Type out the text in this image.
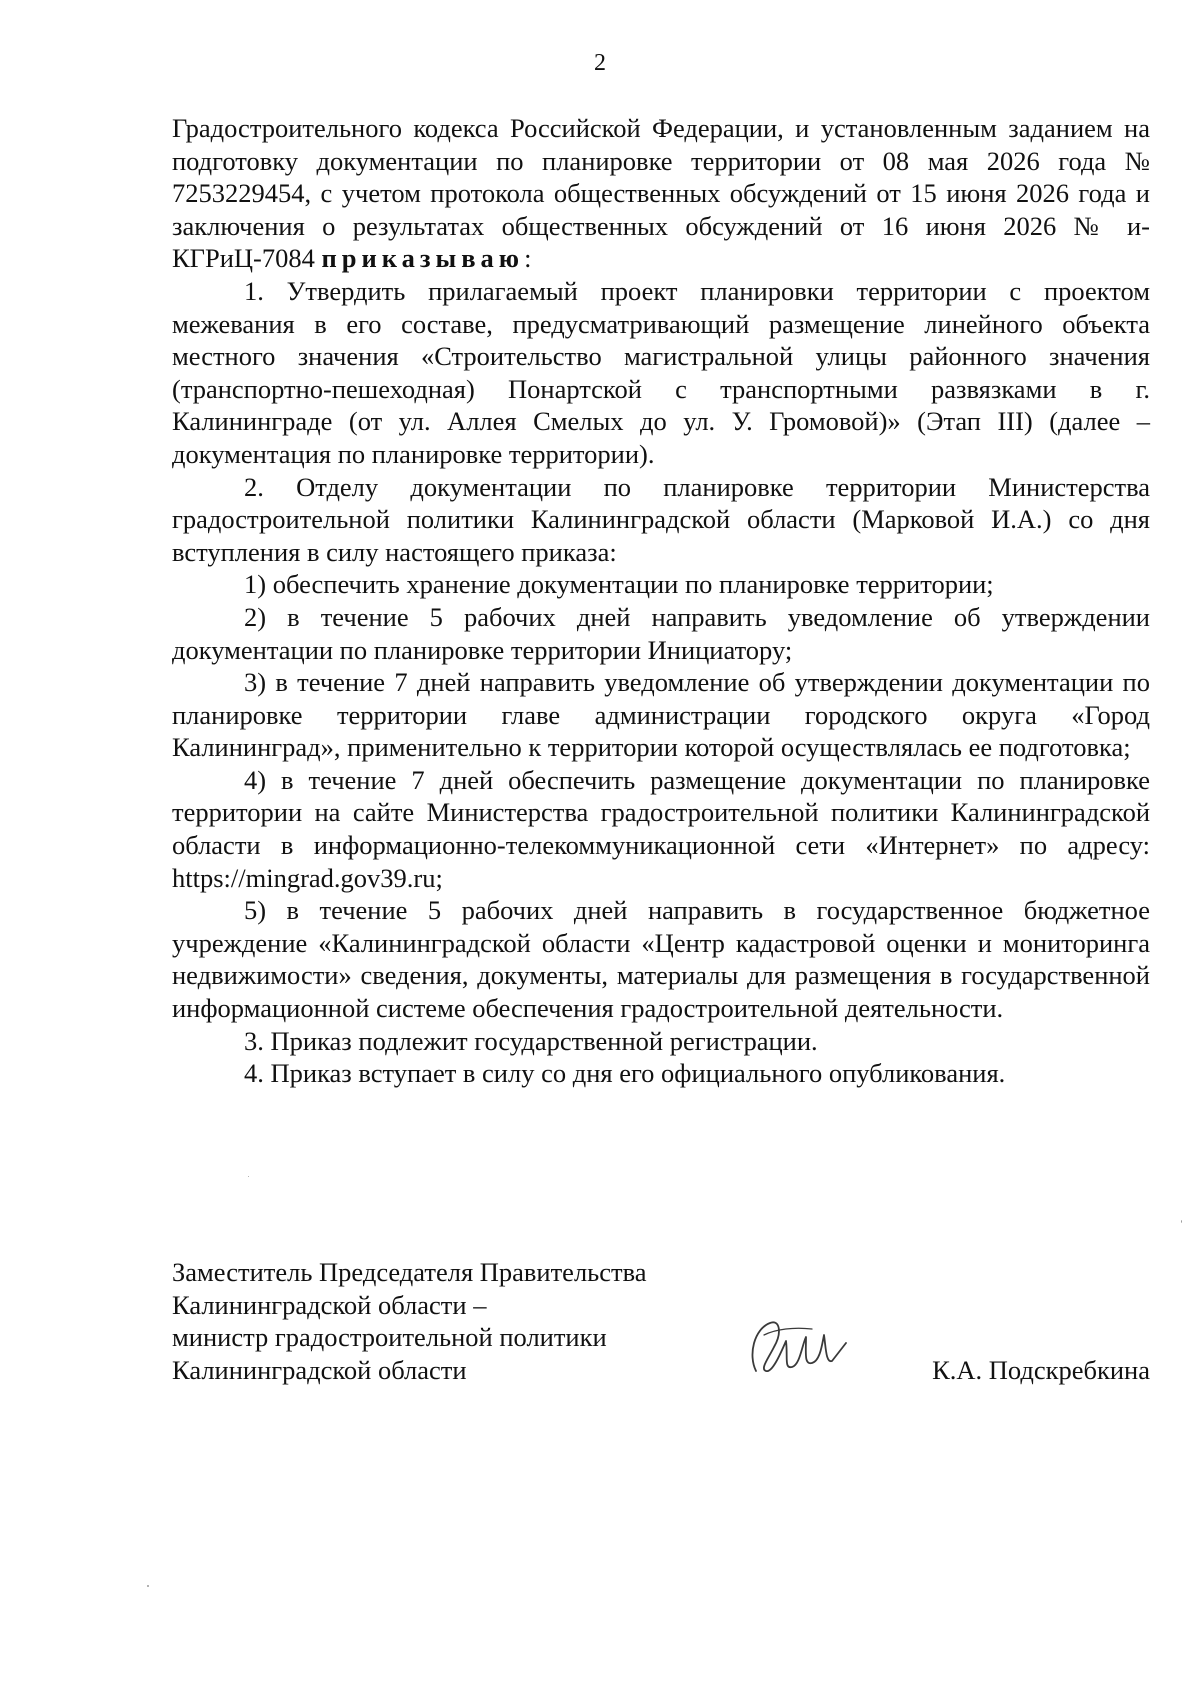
2

Градостроительного кодекса Российской Федерации, и установленным заданием на подготовку документации по планировке территории от 08 мая 2026 года № 7253229454, с учетом протокола общественных обсуждений от 15 июня 2026 года и заключения о результатах общественных обсуждений от 16 июня 2026 № и-КГРиЦ-7084 приказываю:

1. Утвердить прилагаемый проект планировки территории с проектом межевания в его составе, предусматривающий размещение линейного объекта местного значения «Строительство магистральной улицы районного значения (транспортно-пешеходная) Понартской с транспортными развязками в г. Калининграде (от ул. Аллея Смелых до ул. У. Громовой)» (Этап III) (далее – документация по планировке территории).

2. Отделу документации по планировке территории Министерства градостроительной политики Калининградской области (Марковой И.А.) со дня вступления в силу настоящего приказа:

1) обеспечить хранение документации по планировке территории;

2) в течение 5 рабочих дней направить уведомление об утверждении документации по планировке территории Инициатору;

3) в течение 7 дней направить уведомление об утверждении документации по планировке территории главе администрации городского округа «Город Калининград», применительно к территории которой осуществлялась ее подготовка;

4) в течение 7 дней обеспечить размещение документации по планировке территории на сайте Министерства градостроительной политики Калининградской области в информационно-телекоммуникационной сети «Интернет» по адресу: https://mingrad.gov39.ru;

5) в течение 5 рабочих дней направить в государственное бюджетное учреждение «Калининградской области «Центр кадастровой оценки и мониторинга недвижимости» сведения, документы, материалы для размещения в государственной информационной системе обеспечения градостроительной деятельности.

3. Приказ подлежит государственной регистрации.

4. Приказ вступает в силу со дня его официального опубликования.

Заместитель Председателя Правительства
Калининградской области –
министр градостроительной политики
Калининградской области	К.А. Подскребкина
